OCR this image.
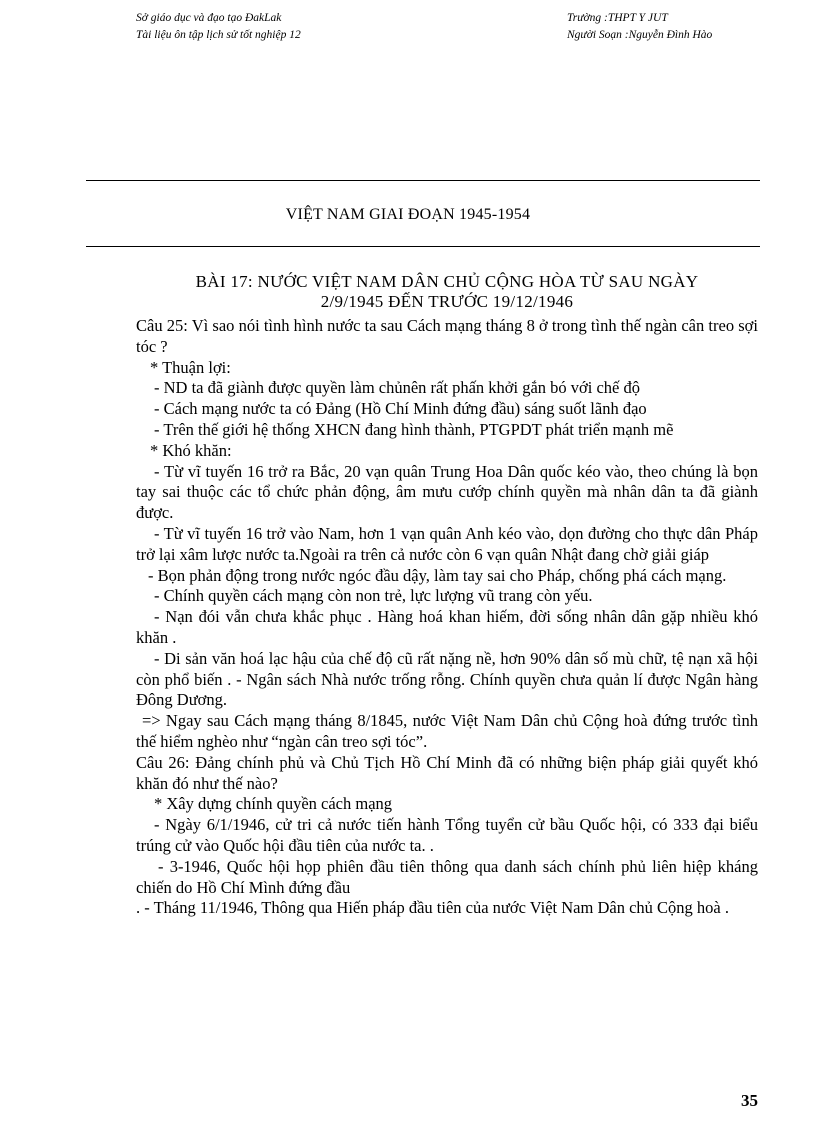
Sở giáo dục và đạo tạo ĐakLak
Tài liệu ôn tập lịch sử tốt nghiệp 12
Trường :THPT Y JUT
Người Soạn :Nguyễn Đình Hào
VIỆT NAM GIAI ĐOẠN 1945-1954
BÀI 17: NƯỚC VIỆT NAM DÂN CHỦ CỘNG HÒA TỪ SAU NGÀY
2/9/1945 ĐẾN TRƯỚC 19/12/1946

Câu 25: Vì sao nói tình hình nước ta sau Cách mạng tháng 8 ở trong tình thế ngàn cân treo sợi tóc ?

* Thuận lợi:

- ND ta đã giành được quyền làm chủnên rất phấn khởi gắn bó với chế độ

- Cách mạng nước ta có Đảng (Hồ Chí Minh đứng đầu) sáng suốt lãnh đạo

- Trên thế giới hệ thống XHCN đang hình thành, PTGPDT phát triển mạnh mẽ

* Khó khăn:

- Từ vĩ tuyến 16 trở ra Bắc, 20 vạn quân Trung Hoa Dân quốc kéo vào, theo chúng là bọn tay sai thuộc các tổ chức phản động, âm mưu cướp chính quyền mà nhân dân ta đã giành được.

- Từ vĩ tuyến 16 trở vào Nam, hơn 1 vạn quân Anh kéo vào, dọn đường cho thực dân Pháp trở lại xâm lược nước ta.Ngoài ra trên cả nước còn 6 vạn quân Nhật đang chờ giải giáp

- Bọn phản động trong nước ngóc đầu dậy, làm tay sai cho Pháp, chống phá cách mạng.

- Chính quyền cách mạng còn non trẻ, lực lượng vũ trang còn yếu.

- Nạn đói vẫn chưa khắc phục . Hàng hoá khan hiếm, đời sống nhân dân gặp nhiều khó khăn .

- Di sản văn hoá lạc hậu của chế độ cũ rất nặng nề, hơn 90% dân số mù chữ, tệ nạn xã hội còn phổ biến . - Ngân sách Nhà nước trống rỗng. Chính quyền chưa quản lí được Ngân hàng Đông Dương.

=> Ngay sau Cách mạng tháng 8/1845, nước Việt Nam Dân chủ Cộng hoà đứng trước tình thế hiểm nghèo như “ngàn cân treo sợi tóc”.

Câu 26: Đảng chính phủ và Chủ Tịch Hồ Chí Minh đã có những biện pháp giải quyết khó khăn đó như thế nào?

* Xây dựng chính quyền cách mạng

- Ngày 6/1/1946, cử tri cả nước tiến hành Tổng tuyển cử bầu Quốc hội, có 333 đại biểu trúng cử vào Quốc hội đầu tiên của nước ta. .

- 3-1946, Quốc hội họp phiên đầu tiên thông qua danh sách chính phủ liên hiệp kháng chiến do Hồ Chí Mình đứng đầu

. - Tháng 11/1946, Thông qua Hiến pháp đầu tiên của nước Việt Nam Dân chủ Cộng hoà .

35
